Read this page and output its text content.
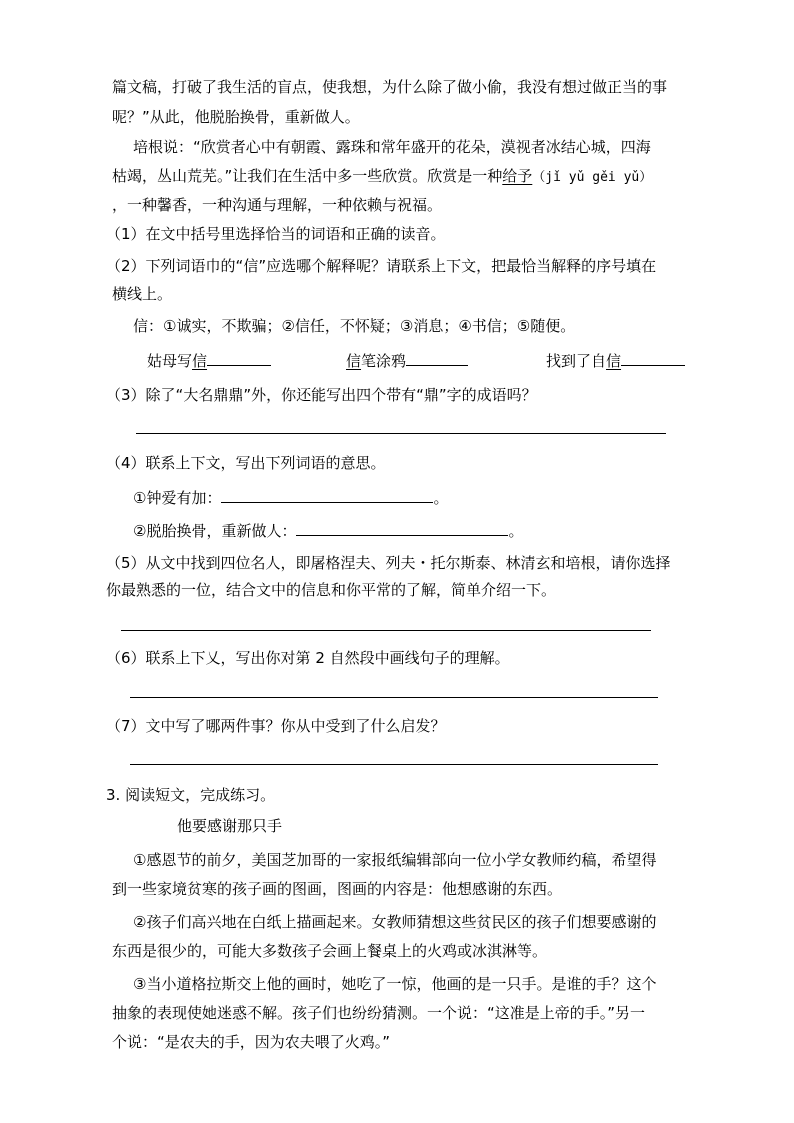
篇文稿，打破了我生活的盲点，使我想，为什么除了做小偷，我没有想过做正当的事
呢？”从此，他脱胎换骨，重新做人。
培根说：“欣赏者心中有朝霞、露珠和常年盛开的花朵，漠视者冰结心城，四海
枯竭，丛山荒芜。”让我们在生活中多一些欣赏。欣赏是一种给予（jǐ yǔ gěi yǔ）
，一种馨香，一种沟通与理解，一种依赖与祝福。
（1）在文中括号里选择恰当的词语和正确的读音。
（2）下列词语巾的“信”应选哪个解释呢？请联系上下文，把最恰当解释的序号填在
横线上。
信：①诚实，不欺骗；②信任，不怀疑；③消息；④书信；⑤随便。
姑母写信	信笔涂鸦	找到了自信
（3）除了“大名鼎鼎”外，你还能写出四个带有“鼎”字的成语吗？
（4）联系上下文，写出下列词语的意思。
①钟爱有加：	。
②脱胎换骨，重新做人：	。
（5）从文中找到四位名人，即屠格涅夫、列夫・托尔斯泰、林清玄和培根，请你选择
你最熟悉的一位，结合文中的信息和你平常的了解，简单介绍一下。
（6）联系上下乂，写出你对第 2 自然段中画线句子的理解。
（7）文中写了哪两件事？你从中受到了什么启发？
3. 阅读短文，完成练习。
他要感谢那只手
①感恩节的前夕，美国芝加哥的一家报纸编辑部向一位小学女教师约稿，希望得
到一些家境贫寒的孩子画的图画，图画的内容是：他想感谢的东西。
②孩子们高兴地在白纸上描画起来。女教师猜想这些贫民区的孩子们想要感谢的
东西是很少的，可能大多数孩子会画上餐桌上的火鸡或冰淇淋等。
③当小道格拉斯交上他的画时，她吃了一惊，他画的是一只手。是谁的手？这个
抽象的表现使她迷惑不解。孩子们也纷纷猜测。一个说：“这准是上帝的手。”另一
个说：“是农夫的手，因为农夫喂了火鸡。”
